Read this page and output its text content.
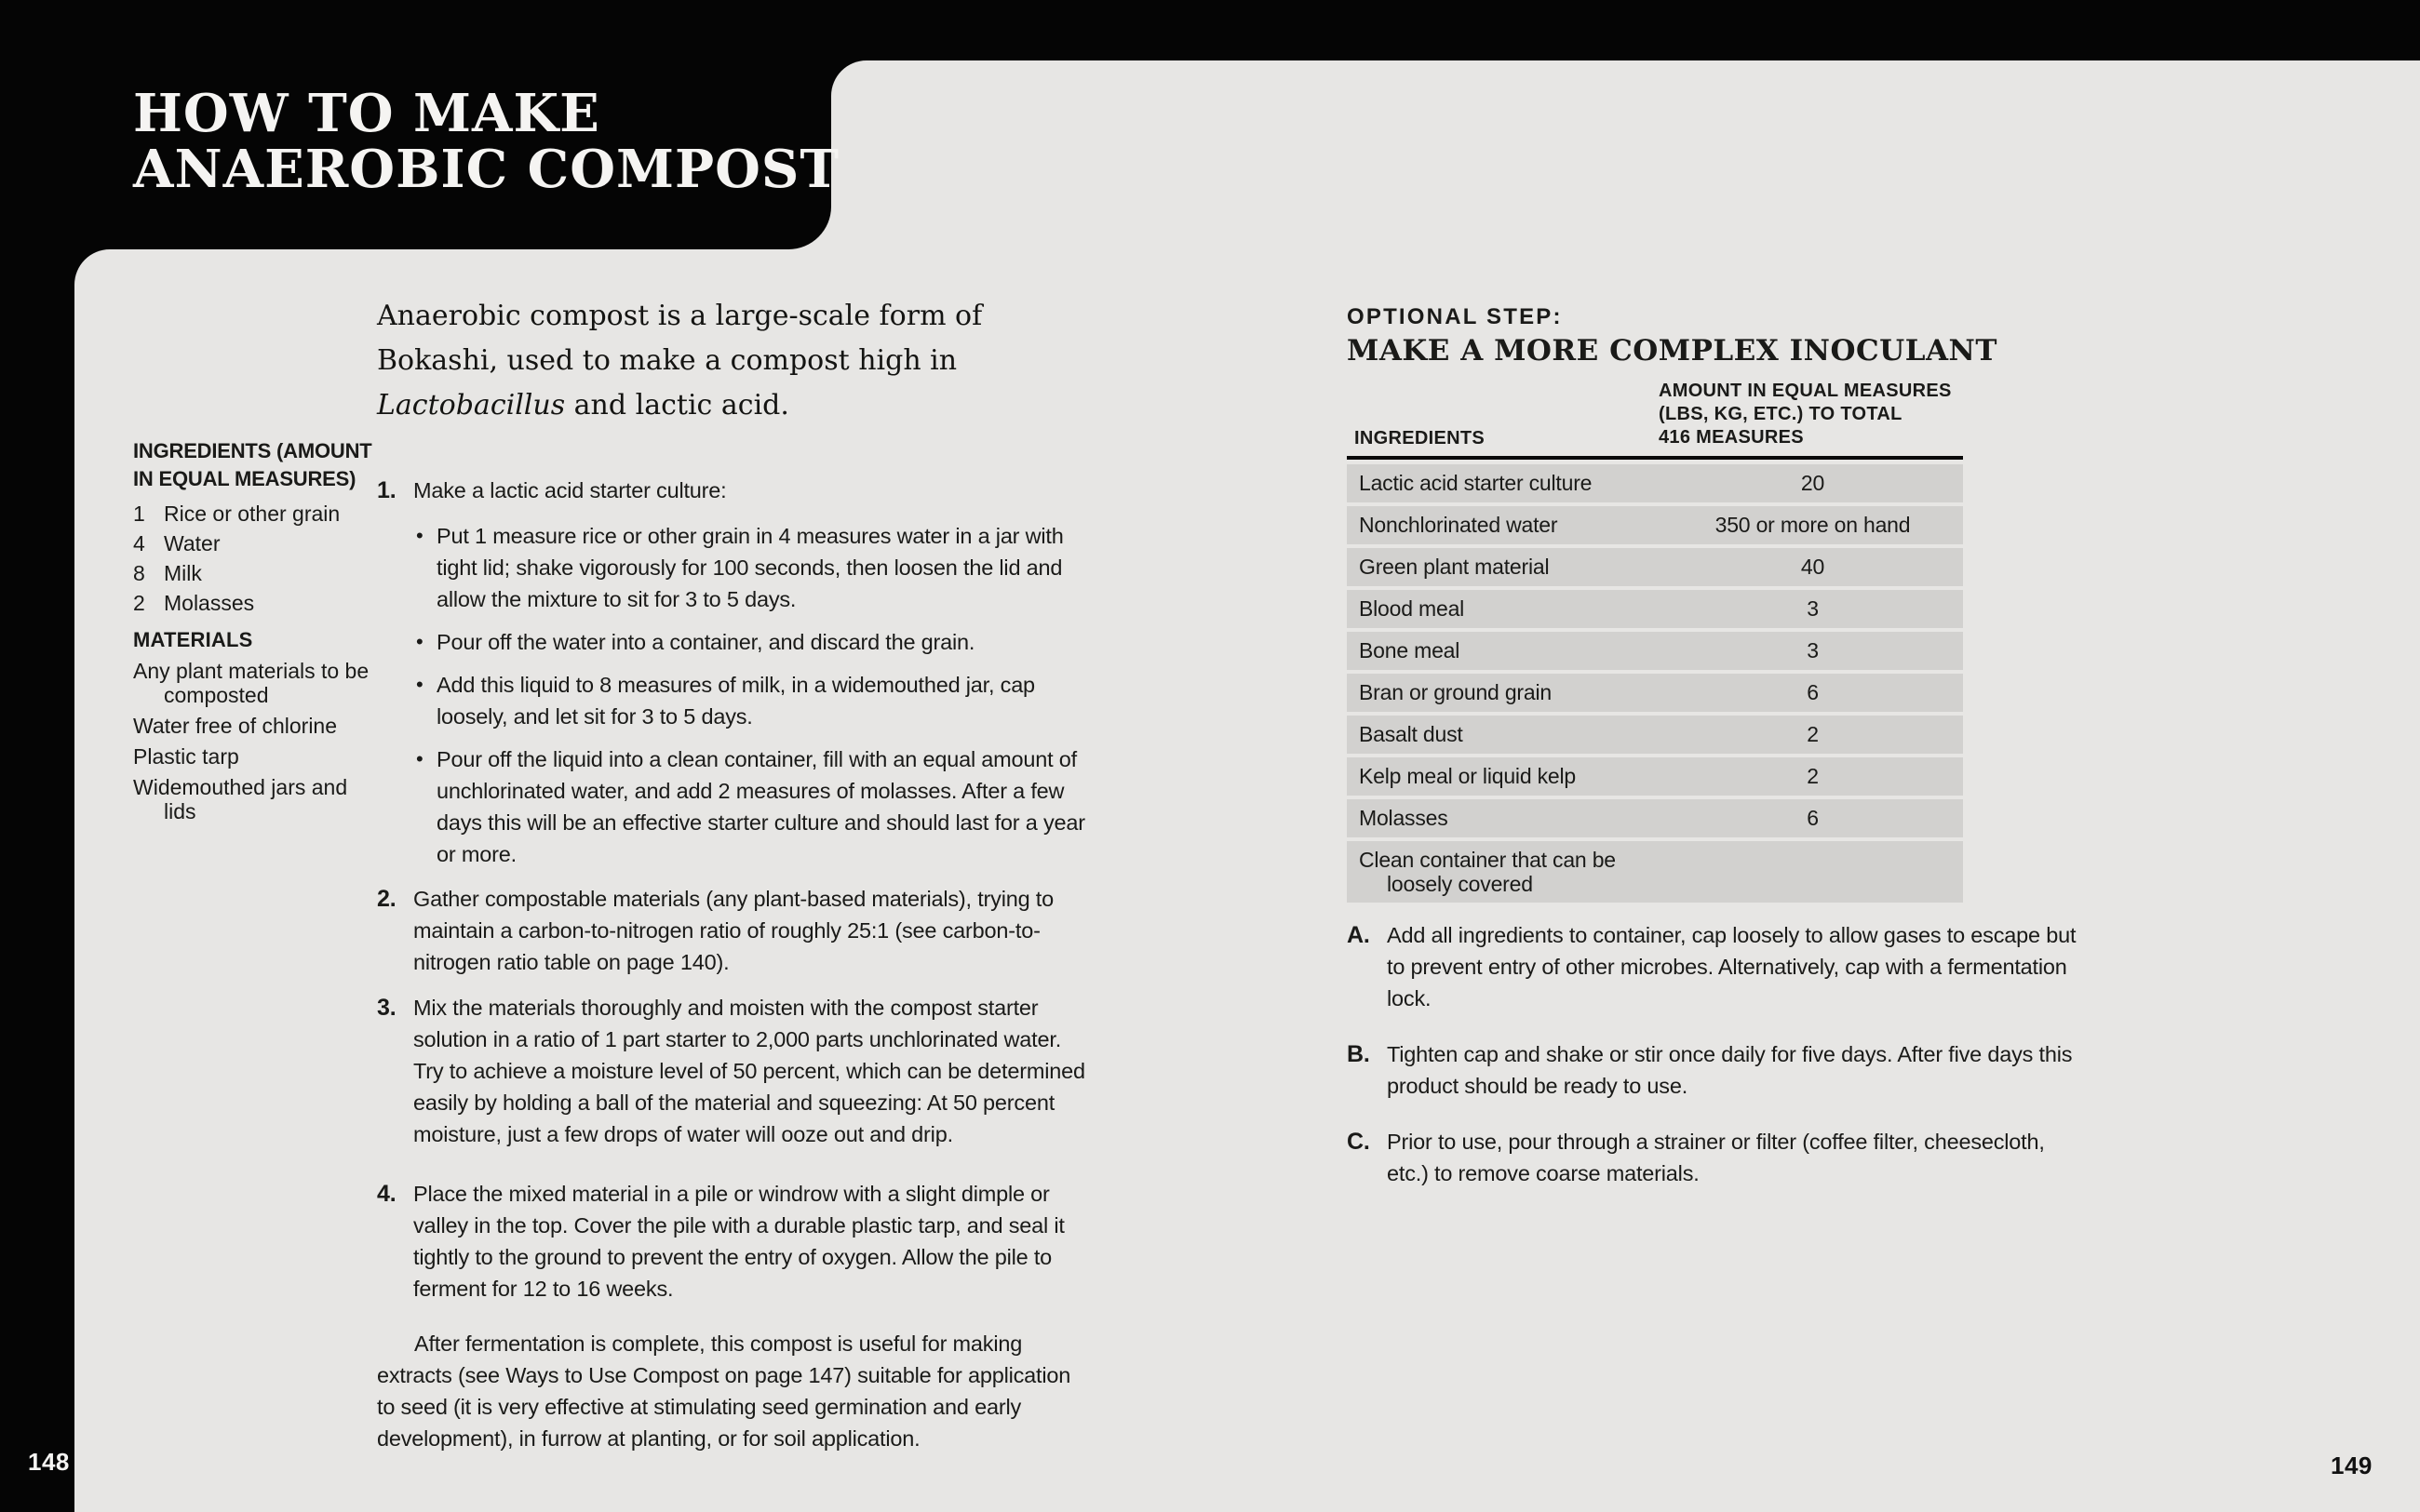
HOW TO MAKE
ANAEROBIC COMPOST
148	149
INGREDIENTS (AMOUNT IN EQUAL MEASURES)
1 Rice or other grain
4 Water
8 Milk
2 Molasses
MATERIALS
Any plant materials to be composted
Water free of chlorine
Plastic tarp
Widemouthed jars and lids
Anaerobic compost is a large-scale form of Bokashi, used to make a compost high in Lactobacillus and lactic acid.
1. Make a lactic acid starter culture:
• Put 1 measure rice or other grain in 4 measures water in a jar with tight lid; shake vigorously for 100 seconds, then loosen the lid and allow the mixture to sit for 3 to 5 days.
• Pour off the water into a container, and discard the grain.
• Add this liquid to 8 measures of milk, in a widemouthed jar, cap loosely, and let sit for 3 to 5 days.
• Pour off the liquid into a clean container, fill with an equal amount of unchlorinated water, and add 2 measures of molasses. After a few days this will be an effective starter culture and should last for a year or more.
2. Gather compostable materials (any plant-based materials), trying to maintain a carbon-to-nitrogen ratio of roughly 25:1 (see carbon-to-nitrogen ratio table on page 140).
3. Mix the materials thoroughly and moisten with the compost starter solution in a ratio of 1 part starter to 2,000 parts unchlorinated water. Try to achieve a moisture level of 50 percent, which can be determined easily by holding a ball of the material and squeezing: At 50 percent moisture, just a few drops of water will ooze out and drip.
4. Place the mixed material in a pile or windrow with a slight dimple or valley in the top. Cover the pile with a durable plastic tarp, and seal it tightly to the ground to prevent the entry of oxygen. Allow the pile to ferment for 12 to 16 weeks.
After fermentation is complete, this compost is useful for making extracts (see Ways to Use Compost on page 147) suitable for application to seed (it is very effective at stimulating seed germination and early development), in furrow at planting, or for soil application.
OPTIONAL STEP:
MAKE A MORE COMPLEX INOCULANT
INGREDIENTS
AMOUNT IN EQUAL MEASURES
(LBS, KG, ETC.) TO TOTAL
416 MEASURES
Lactic acid starter culture	20
Nonchlorinated water	350 or more on hand
Green plant material	40
Blood meal	3
Bone meal	3
Bran or ground grain	6
Basalt dust	2
Kelp meal or liquid kelp	2
Molasses	6
Clean container that can be loosely covered
A. Add all ingredients to container, cap loosely to allow gases to escape but to prevent entry of other microbes. Alternatively, cap with a fermentation lock.
B. Tighten cap and shake or stir once daily for five days. After five days this product should be ready to use.
C. Prior to use, pour through a strainer or filter (coffee filter, cheesecloth, etc.) to remove coarse materials.
